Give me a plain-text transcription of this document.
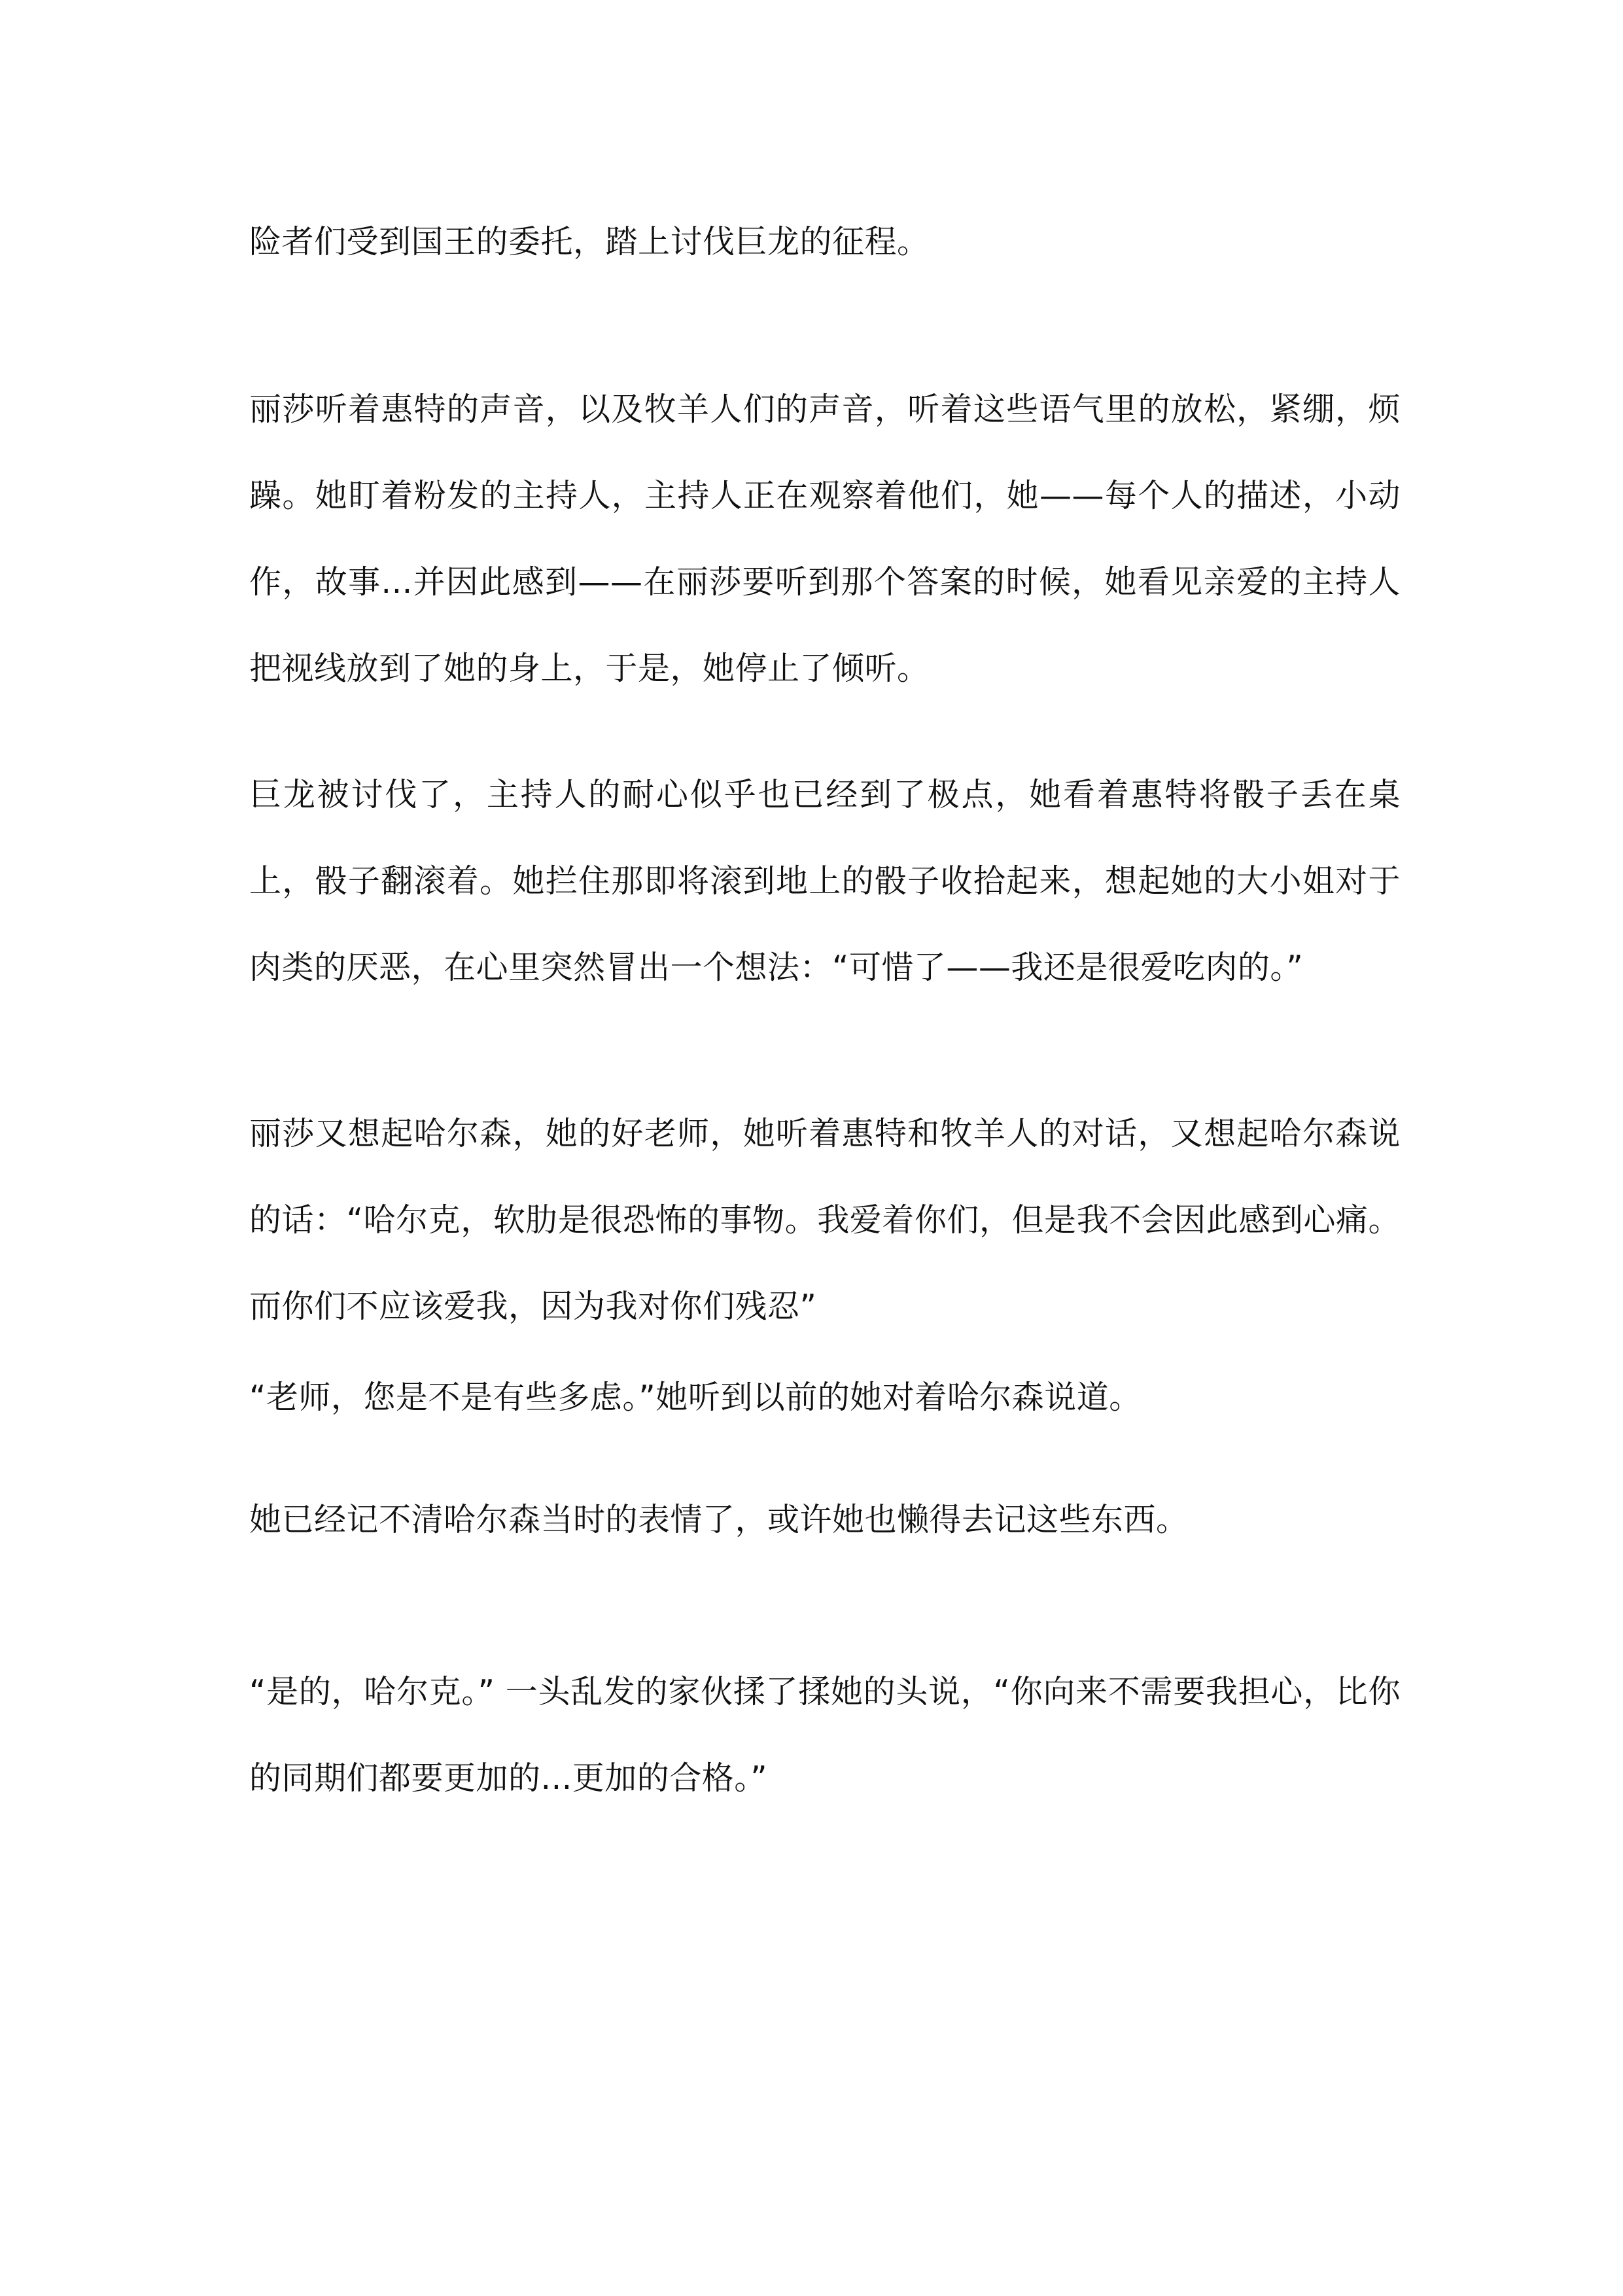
险者们受到国王的委托，踏上讨伐巨龙的征程。

丽莎听着惠特的声音，以及牧羊人们的声音，听着这些语气里的放松，紧绷，烦躁。她盯着粉发的主持人，主持人正在观察着他们，她——每个人的描述，小动作，故事...并因此感到——在丽莎要听到那个答案的时候，她看见亲爱的主持人把视线放到了她的身上，于是，她停止了倾听。

巨龙被讨伐了，主持人的耐心似乎也已经到了极点，她看着惠特将骰子丢在桌上，骰子翻滚着。她拦住那即将滚到地上的骰子收拾起来，想起她的大小姐对于肉类的厌恶，在心里突然冒出一个想法：“可惜了——我还是很爱吃肉的。”

丽莎又想起哈尔森，她的好老师，她听着惠特和牧羊人的对话，又想起哈尔森说的话：“哈尔克，软肋是很恐怖的事物。我爱着你们，但是我不会因此感到心痛。而你们不应该爱我，因为我对你们残忍”

“老师，您是不是有些多虑。”她听到以前的她对着哈尔森说道。

她已经记不清哈尔森当时的表情了，或许她也懒得去记这些东西。

“是的，哈尔克。” 一头乱发的家伙揉了揉她的头说，“你向来不需要我担心，比你的同期们都要更加的...更加的合格。”
